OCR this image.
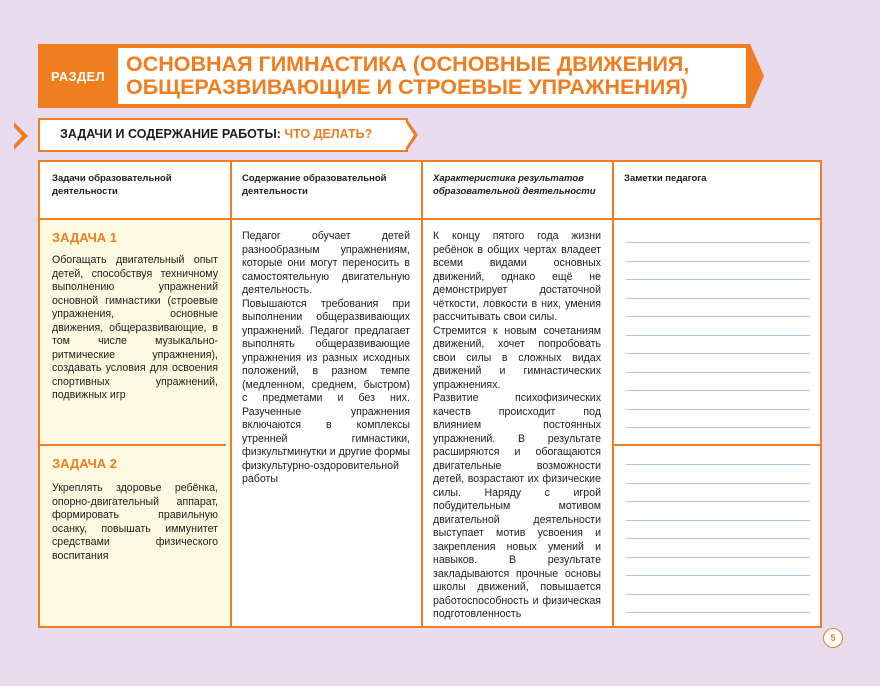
РАЗДЕЛ ОСНОВНАЯ ГИМНАСТИКА (ОСНОВНЫЕ ДВИЖЕНИЯ,
ОБЩЕРАЗВИВАЮЩИЕ И СТРОЕВЫЕ УПРАЖНЕНИЯ)
ЗАДАЧИ И СОДЕРЖАНИЕ РАБОТЫ: ЧТО ДЕЛАТЬ?
Задачи образовательной деятельности
Содержание образовательной деятельности
Характеристика результатов образовательной деятельности
Заметки педагога
ЗАДАЧА 1
Обогащать двигательный опыт детей, способствуя техничному выполнению упражнений основной гимнастики (строевые упражнения, основные движения, общеразвивающие, в том числе музыкально-ритмические упражнения), создавать условия для освоения спортивных упражнений, подвижных игр
ЗАДАЧА 2
Укреплять здоровье ребёнка, опорно-двигательный аппарат, формировать правильную осанку, повышать иммунитет средствами физического воспитания
Педагог обучает детей разнообразным упражнениям, которые они могут переносить в самостоятельную двигательную деятельность.
Повышаются требования при выполнении общеразвивающих упражнений. Педагог предлагает выполнять общеразвивающие упражнения из разных исходных положений, в разном темпе (медленном, среднем, быстром) с предметами и без них. Разученные упражнения включаются в комплексы утренней гимнастики, физкультминутки и другие формы физкультурно-оздоровительной работы
К концу пятого года жизни ребёнок в общих чертах владеет всеми видами основных движений, однако ещё не демонстрирует достаточной чёткости, ловкости в них, умения рассчитывать свои силы.
Стремится к новым сочетаниям движений, хочет попробовать свои силы в сложных видах движений и гимнастических упражнениях.
Развитие психофизических качеств происходит под влиянием постоянных упражнений. В результате расширяются и обогащаются двигательные возможности детей, возрастают их физические силы. Наряду с игрой побудительным мотивом двигательной деятельности выступает мотив усвоения и закрепления новых умений и навыков. В результате закладываются прочные основы школы движений, повышается работоспособность и физическая подготовленность
5
